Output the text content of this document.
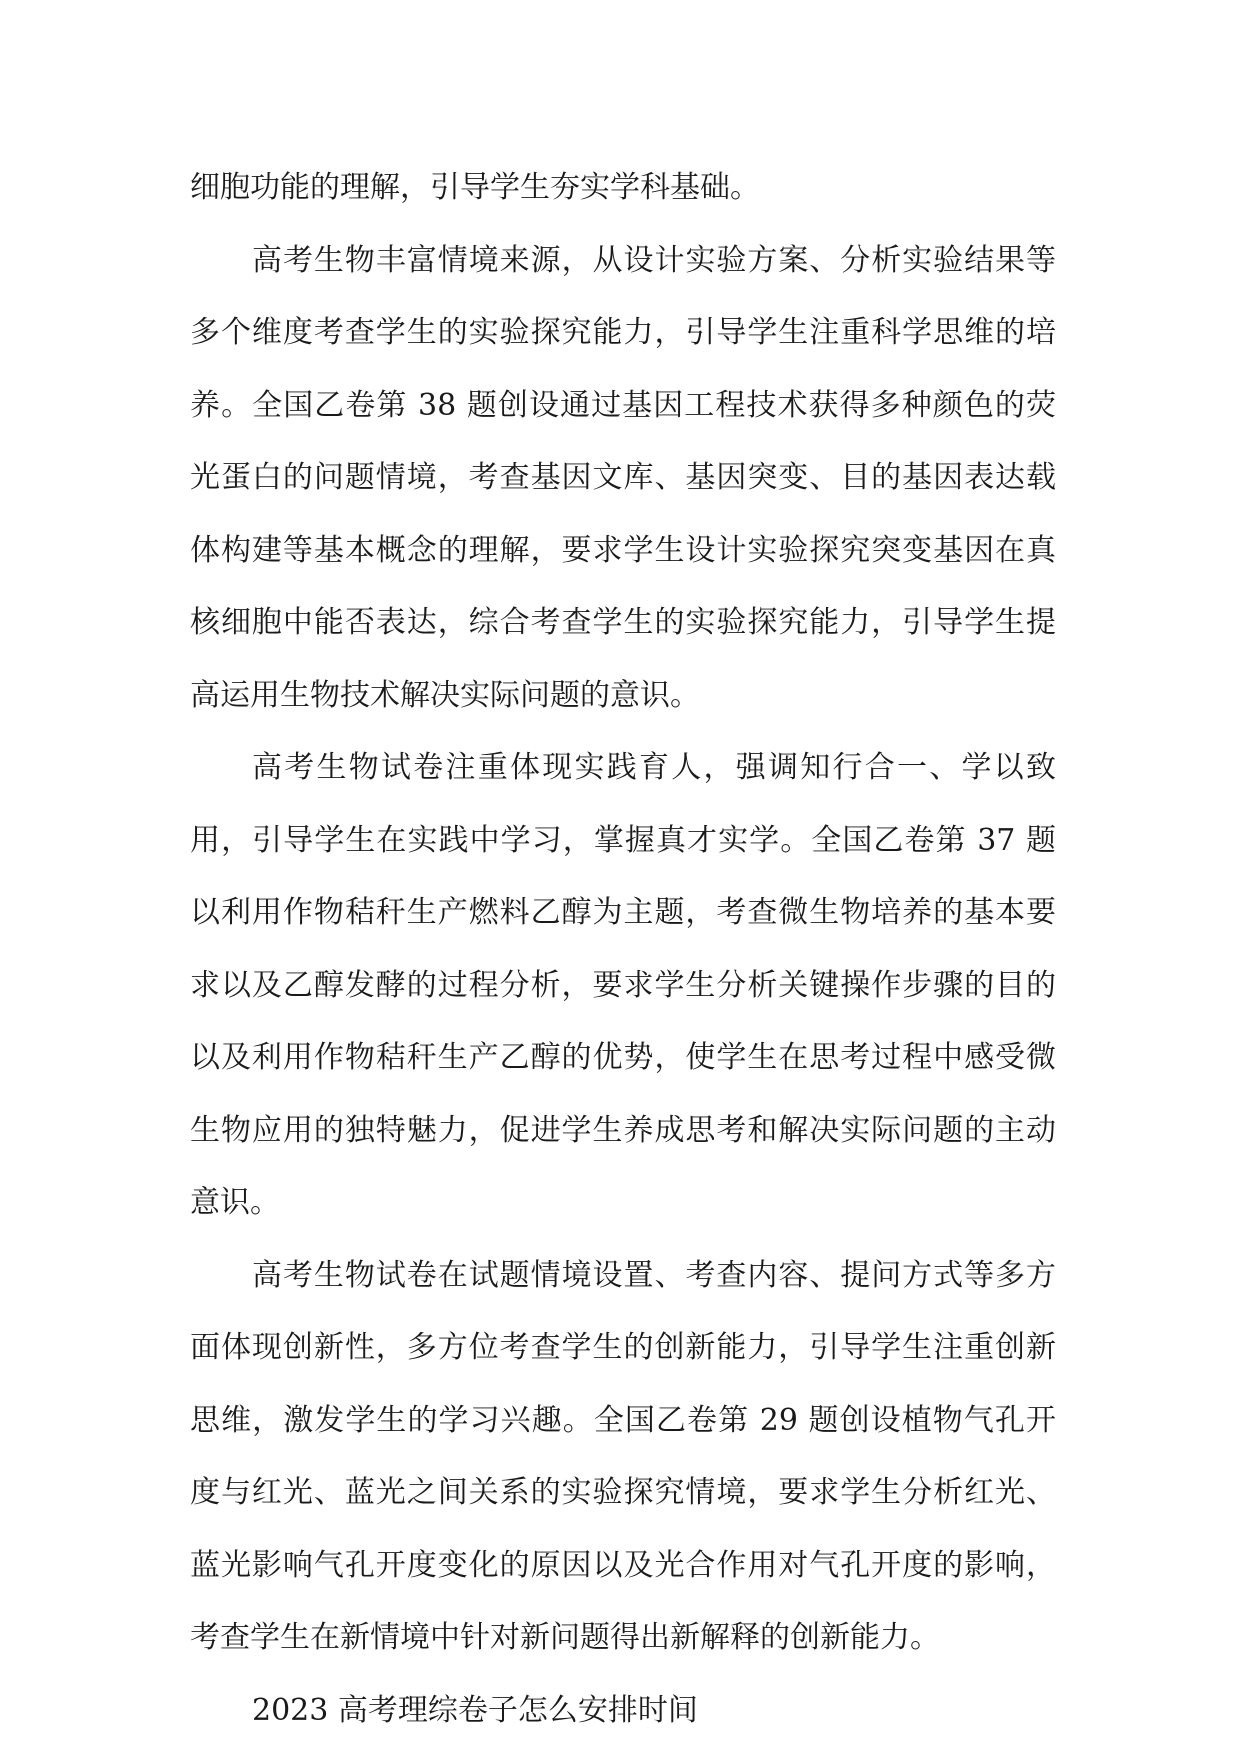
细胞功能的理解，引导学生夯实学科基础。

高考生物丰富情境来源，从设计实验方案、分析实验结果等多个维度考查学生的实验探究能力，引导学生注重科学思维的培养。全国乙卷第 38 题创设通过基因工程技术获得多种颜色的荧光蛋白的问题情境，考查基因文库、基因突变、目的基因表达载体构建等基本概念的理解，要求学生设计实验探究突变基因在真核细胞中能否表达，综合考查学生的实验探究能力，引导学生提高运用生物技术解决实际问题的意识。

高考生物试卷注重体现实践育人，强调知行合一、学以致用，引导学生在实践中学习，掌握真才实学。全国乙卷第 37 题以利用作物秸秆生产燃料乙醇为主题，考查微生物培养的基本要求以及乙醇发酵的过程分析，要求学生分析关键操作步骤的目的以及利用作物秸秆生产乙醇的优势，使学生在思考过程中感受微生物应用的独特魅力，促进学生养成思考和解决实际问题的主动意识。

高考生物试卷在试题情境设置、考查内容、提问方式等多方面体现创新性，多方位考查学生的创新能力，引导学生注重创新思维，激发学生的学习兴趣。全国乙卷第 29 题创设植物气孔开度与红光、蓝光之间关系的实验探究情境，要求学生分析红光、蓝光影响气孔开度变化的原因以及光合作用对气孔开度的影响，考查学生在新情境中针对新问题得出新解释的创新能力。

2023 高考理综卷子怎么安排时间
